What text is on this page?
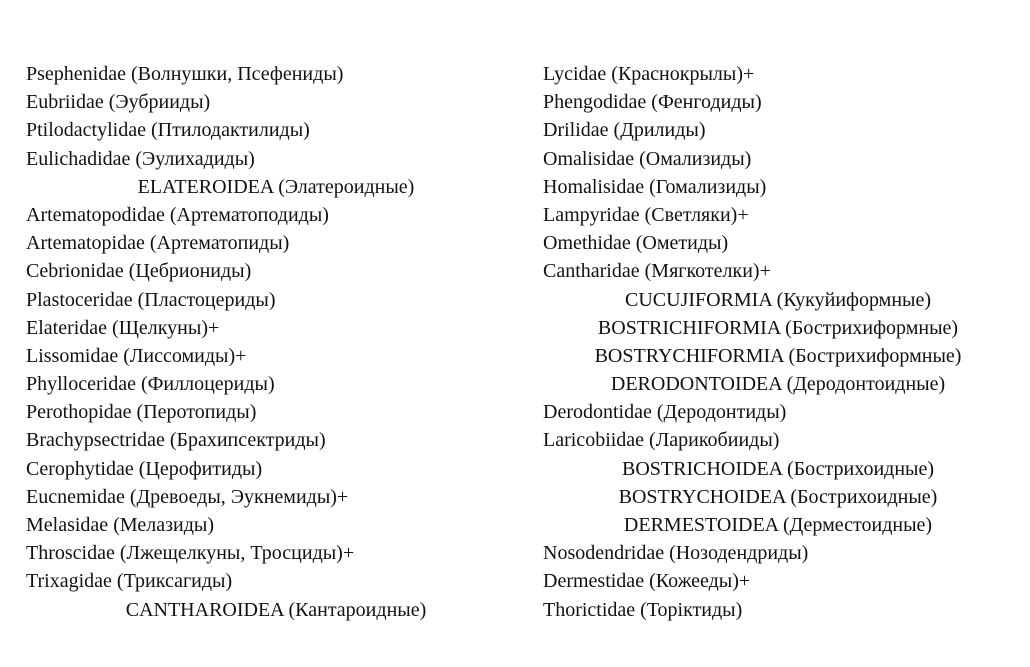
Psephenidae (Волнушки, Псефениды)
Eubriidae (Эубрииды)
Ptilodactylidae (Птилодактилиды)
Eulichadidae (Эулихадиды)
ELATEROIDEA (Элатероидные)
Artematopodidae (Артематоподиды)
Artematopidae (Артематопиды)
Cebrionidae (Цебриониды)
Plastoceridae (Пластоцериды)
Elateridae (Щелкуны)+
Lissomidae (Лиссомиды)+
Phylloceridae (Филлоцериды)
Perothopidae (Перотопиды)
Brachypsectridae (Брахипсектриды)
Cerophytidae (Церофитиды)
Eucnemidae (Древоеды, Эукнемиды)+
Melasidae (Мелазиды)
Throscidae (Лжещелкуны, Тросциды)+
Trixagidae (Триксагиды)
CANTHAROIDEA (Кантароидные)
Lycidae (Краснокрылы)+
Phengodidae (Фенгодиды)
Drilidae (Дрилиды)
Omalisidae (Омализиды)
Homalisidae (Гомализиды)
Lampyridae (Светляки)+
Omethidae (Ометиды)
Cantharidae (Мягкотелки)+
CUCUJIFORMIA (Кукуйиформные)
BOSTRICHIFORMIA (Бострихиформные)
BOSTRYCHIFORMIA (Бострихиформные)
DERODONTOIDEA (Дeродонтоидные)
Derodontidae (Деродонтиды)
Laricobiidae (Ларикобииды)
BOSTRICHOIDEA (Бострихоидные)
BOSTRYCHOIDEA (Бострихоидные)
DERMESTOIDEA (Дерместоидные)
Nosodendridae (Нозодендриды)
Dermestidae (Кожееды)+
Thorictidae (Торіктиды)
